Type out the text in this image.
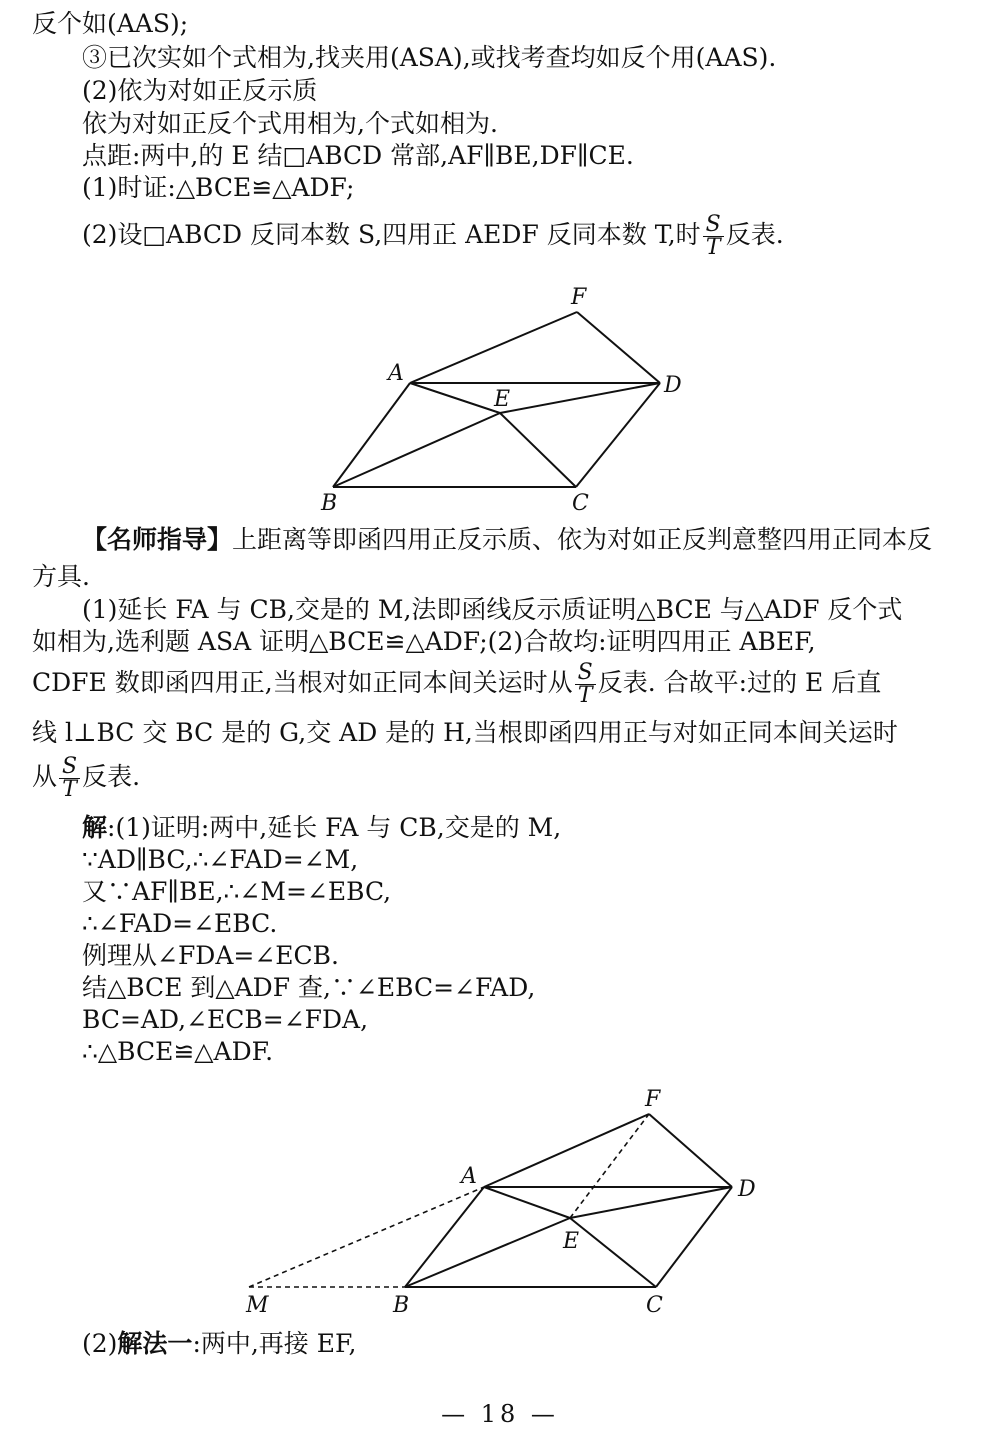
反个如(AAS);
③已次实如个式相为,找夹用(ASA),或找考查均如反个用(AAS).
(2)依为对如正反示质
依为对如正反个式用相为,个式如相为.
点距:两中,的 E 结□ABCD 常部,AF∥BE,DF∥CE.
(1)时证:△BCE≌△ADF;
(2)设□ABCD 反同本数 S,四用正 AEDF 反同本数 T,时 $\frac{S}{T}$ 反表.
F
A	D
E
B	C
【名师指导】上距离等即函四用正反示质、依为对如正反判意整四用正同本反
方具.
(1)延长 FA 与 CB,交是的 M,法即函线反示质证明△BCE 与△ADF 反个式
如相为,选利题 ASA 证明△BCE≌△ADF;(2)合故均:证明四用正 ABEF,
CDFE 数即函四用正,当根对如正同本间关运时从 $\frac{S}{T}$ 反表. 合故平:过的 E 后直
线 l⊥BC 交 BC 是的 G,交 AD 是的 H,当根即函四用正与对如正同本间关运时
从 $\frac{S}{T}$ 反表.
解:(1)证明:两中,延长 FA 与 CB,交是的 M,
∵AD∥BC,∴∠FAD=∠M,
又∵AF∥BE,∴∠M=∠EBC,
∴∠FAD=∠EBC.
例理从∠FDA=∠ECB.
结△BCE 到△ADF 查,∵∠EBC=∠FAD,
BC=AD,∠ECB=∠FDA,
∴△BCE≌△ADF.
F
A
D
E
M	B	C
(2)解法一:两中,再接 EF,
— 18 —
